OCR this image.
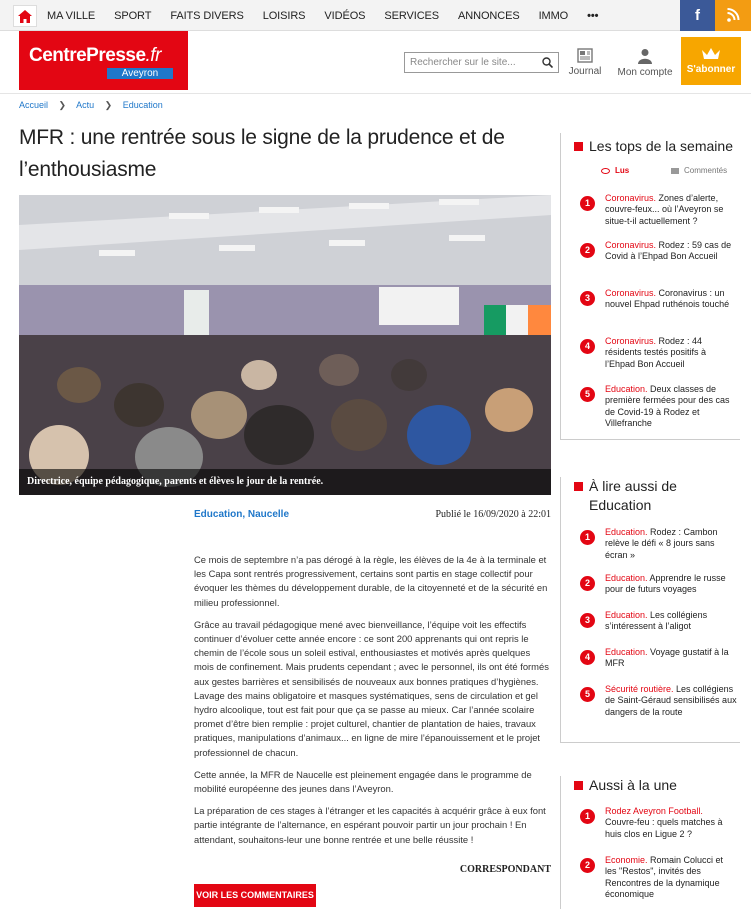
MA VILLE SPORT FAITS DIVERS LOISIRS VIDÉOS SERVICES ANNONCES IMMO •••	f
CentrePresse.fr
Aveyron
Rechercher sur le site...
Journal Mon compte	S'abonner
Accueil ❯ Actu ❯ Education
MFR : une rentrée sous le signe de la prudence et de l’enthousiasme
Directrice, équipe pédagogique, parents et élèves le jour de la rentrée.
Education, Naucelle	Publié le 16/09/2020 à 22:01

Ce mois de septembre n’a pas dérogé à la règle, les élèves de la 4e à la terminale et les Capa sont rentrés progressivement, certains sont partis en stage collectif pour évoquer les thèmes du développement durable, de la citoyenneté et de la sécurité en milieu professionnel.

Grâce au travail pédagogique mené avec bienveillance, l’équipe voit les effectifs continuer d’évoluer cette année encore : ce sont 200 apprenants qui ont repris le chemin de l’école sous un soleil estival, enthousiastes et motivés après quelques mois de confinement. Mais prudents cependant ; avec le personnel, ils ont été formés aux gestes barrières et sensibilisés de nouveaux aux bonnes pratiques d’hygiènes. Lavage des mains obligatoire et masques systématiques, sens de circulation et gel hydro alcoolique, tout est fait pour que ça se passe au mieux. Car l’année scolaire promet d’être bien remplie : projet culturel, chantier de plantation de haies, travaux pratiques, manipulations d’animaux... en ligne de mire l’épanouissement et le projet professionnel de chacun.

Cette année, la MFR de Naucelle est pleinement engagée dans le programme de mobilité européenne des jeunes dans l’Aveyron.

La préparation de ces stages à l’étranger et les capacités à acquérir grâce à eux font partie intégrante de l’alternance, en espérant pouvoir partir un jour prochain ! En attendant, souhaitons-leur une bonne rentrée et une belle réussite !

CORRESPONDANT
VOIR LES COMMENTAIRES
Les tops de la semaine
Lus	Commentés
1	Coronavirus. Zones d’alerte, couvre-feux... où l’Aveyron se situe-t-il actuellement ?
2	Coronavirus. Rodez : 59 cas de Covid à l’Ehpad Bon Accueil
3	Coronavirus. Coronavirus : un nouvel Ehpad ruthénois touché
4	Coronavirus. Rodez : 44 résidents testés positifs à l’Ehpad Bon Accueil
5	Education. Deux classes de première fermées pour des cas de Covid-19 à Rodez et Villefranche
À lire aussi de Education
1	Education. Rodez : Cambon relève le défi « 8 jours sans écran »
2	Education. Apprendre le russe pour de futurs voyages
3	Education. Les collégiens s’intéressent à l’aligot
4	Education. Voyage gustatif à la MFR
5	Sécurité routière. Les collégiens de Saint-Géraud sensibilisés aux dangers de la route
Aussi à la une
1	Rodez Aveyron Football. Couvre-feu : quels matches à huis clos en Ligue 2 ?
2	Economie. Romain Colucci et les "Restos", invités des Rencontres de la dynamique économique
